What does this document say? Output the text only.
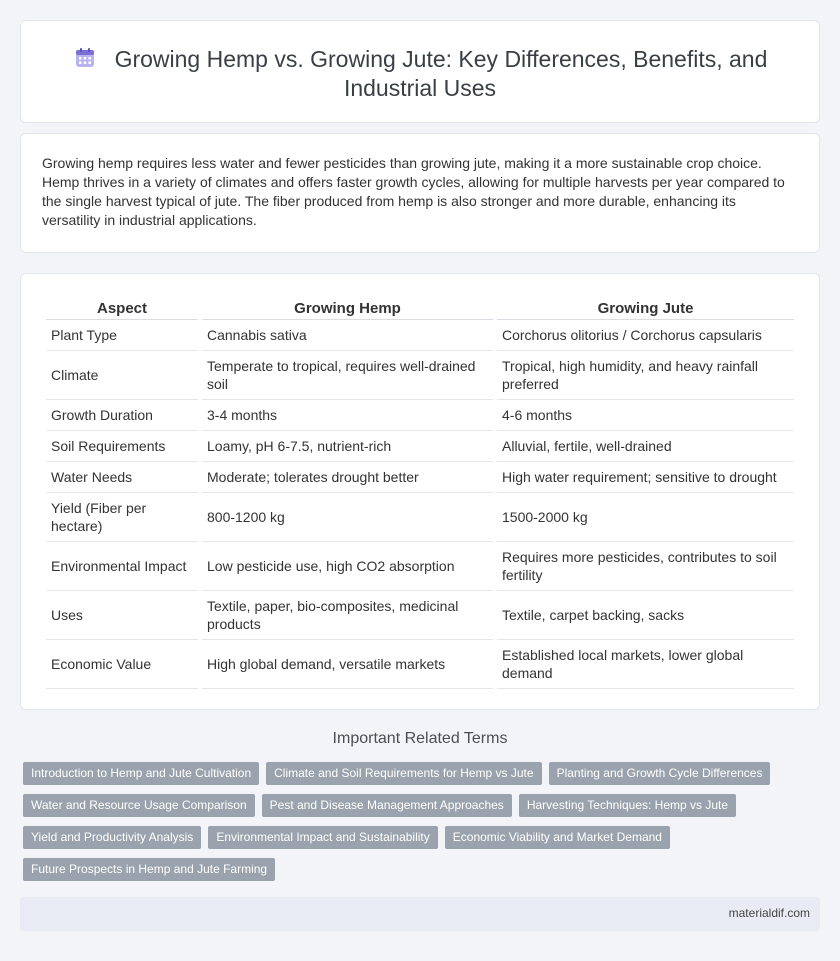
Growing Hemp vs. Growing Jute: Key Differences, Benefits, and Industrial Uses

Growing hemp requires less water and fewer pesticides than growing jute, making it a more sustainable crop choice. Hemp thrives in a variety of climates and offers faster growth cycles, allowing for multiple harvests per year compared to the single harvest typical of jute. The fiber produced from hemp is also stronger and more durable, enhancing its versatility in industrial applications.

Aspect	Growing Hemp	Growing Jute
Plant Type	Cannabis sativa	Corchorus olitorius / Corchorus capsularis
Climate	Temperate to tropical, requires well-drained soil	Tropical, high humidity, and heavy rainfall preferred
Growth Duration	3-4 months	4-6 months
Soil Requirements	Loamy, pH 6-7.5, nutrient-rich	Alluvial, fertile, well-drained
Water Needs	Moderate; tolerates drought better	High water requirement; sensitive to drought
Yield (Fiber per hectare)	800-1200 kg	1500-2000 kg
Environmental Impact	Low pesticide use, high CO2 absorption	Requires more pesticides, contributes to soil fertility
Uses	Textile, paper, bio-composites, medicinal products	Textile, carpet backing, sacks
Economic Value	High global demand, versatile markets	Established local markets, lower global demand
Important Related Terms
Introduction to Hemp and Jute Cultivation	Climate and Soil Requirements for Hemp vs Jute	Planting and Growth Cycle Differences
Water and Resource Usage Comparison	Pest and Disease Management Approaches	Harvesting Techniques: Hemp vs Jute
Yield and Productivity Analysis	Environmental Impact and Sustainability	Economic Viability and Market Demand
Future Prospects in Hemp and Jute Farming
materialdif.com
